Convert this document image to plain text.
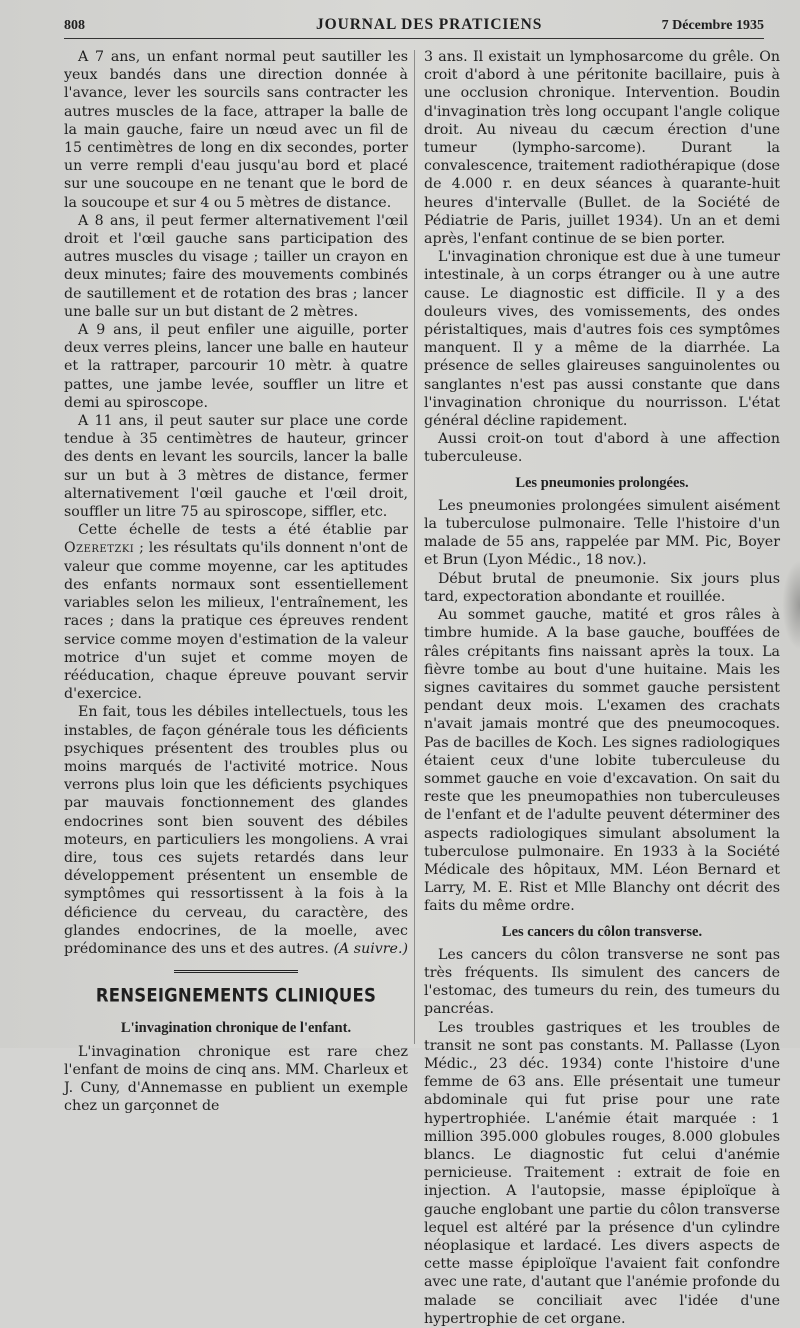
808	JOURNAL DES PRATICIENS	7 Décembre 1935

A 7 ans, un enfant normal peut sautiller les yeux bandés dans une direction donnée à l'avance, lever les sourcils sans contracter les autres muscles de la face, attraper la balle de la main gauche, faire un nœud avec un fil de 15 centimètres de long en dix secondes, porter un verre rempli d'eau jusqu'au bord et placé sur une soucoupe en ne tenant que le bord de la soucoupe et sur 4 ou 5 mètres de distance.

A 8 ans, il peut fermer alternativement l'œil droit et l'œil gauche sans participation des autres muscles du visage ; tailler un crayon en deux minutes; faire des mouvements combinés de sautillement et de rotation des bras ; lancer une balle sur un but distant de 2 mètres.

A 9 ans, il peut enfiler une aiguille, porter deux verres pleins, lancer une balle en hauteur et la rattraper, parcourir 10 mètr. à quatre pattes, une jambe levée, souffler un litre et demi au spiroscope.

A 11 ans, il peut sauter sur place une corde tendue à 35 centimètres de hauteur, grincer des dents en levant les sourcils, lancer la balle sur un but à 3 mètres de distance, fermer alternativement l'œil gauche et l'œil droit, souffler un litre 75 au spiroscope, siffler, etc.

Cette échelle de tests a été établie par Ozeretzki ; les résultats qu'ils donnent n'ont de valeur que comme moyenne, car les aptitudes des enfants normaux sont essentiellement variables selon les milieux, l'entraînement, les races ; dans la pratique ces épreuves rendent service comme moyen d'estimation de la valeur motrice d'un sujet et comme moyen de rééducation, chaque épreuve pouvant servir d'exercice.

En fait, tous les débiles intellectuels, tous les instables, de façon générale tous les déficients psychiques présentent des troubles plus ou moins marqués de l'activité motrice. Nous verrons plus loin que les déficients psychiques par mauvais fonctionnement des glandes endocrines sont bien souvent des débiles moteurs, en particuliers les mongoliens. A vrai dire, tous ces sujets retardés dans leur développement présentent un ensemble de symptômes qui ressortissent à la fois à la déficience du cerveau, du caractère, des glandes endocrines, de la moelle, avec prédominance des uns et des autres. (A suivre.)

RENSEIGNEMENTS CLINIQUES
L'invagination chronique de l'enfant.

L'invagination chronique est rare chez l'enfant de moins de cinq ans. MM. Charleux et J. Cuny, d'Annemasse en publient un exemple chez un garçonnet de

3 ans. Il existait un lymphosarcome du grêle. On croit d'abord à une péritonite bacillaire, puis à une occlusion chronique. Intervention. Boudin d'invagination très long occupant l'angle colique droit. Au niveau du cæcum érection d'une tumeur (lympho-sarcome). Durant la convalescence, traitement radiothérapique (dose de 4.000 r. en deux séances à quarante-huit heures d'intervalle (Bullet. de la Société de Pédiatrie de Paris, juillet 1934). Un an et demi après, l'enfant continue de se bien porter.

L'invagination chronique est due à une tumeur intestinale, à un corps étranger ou à une autre cause. Le diagnostic est difficile. Il y a des douleurs vives, des vomissements, des ondes péristaltiques, mais d'autres fois ces symptômes manquent. Il y a même de la diarrhée. La présence de selles glaireuses sanguinolentes ou sanglantes n'est pas aussi constante que dans l'invagination chronique du nourrisson. L'état général décline rapidement.

Aussi croit-on tout d'abord à une affection tuberculeuse.

Les pneumonies prolongées.

Les pneumonies prolongées simulent aisément la tuberculose pulmonaire. Telle l'histoire d'un malade de 55 ans, rappelée par MM. Pic, Boyer et Brun (Lyon Médic., 18 nov.).

Début brutal de pneumonie. Six jours plus tard, expectoration abondante et rouillée.

Au sommet gauche, matité et gros râles à timbre humide. A la base gauche, bouffées de râles crépitants fins naissant après la toux. La fièvre tombe au bout d'une huitaine. Mais les signes cavitaires du sommet gauche persistent pendant deux mois. L'examen des crachats n'avait jamais montré que des pneumocoques. Pas de bacilles de Koch. Les signes radiologiques étaient ceux d'une lobite tuberculeuse du sommet gauche en voie d'excavation. On sait du reste que les pneumopathies non tuberculeuses de l'enfant et de l'adulte peuvent déterminer des aspects radiologiques simulant absolument la tuberculose pulmonaire. En 1933 à la Société Médicale des hôpitaux, MM. Léon Bernard et Larry, M. E. Rist et Mlle Blanchy ont décrit des faits du même ordre.

Les cancers du côlon transverse.

Les cancers du côlon transverse ne sont pas très fréquents. Ils simulent des cancers de l'estomac, des tumeurs du rein, des tumeurs du pancréas.

Les troubles gastriques et les troubles de transit ne sont pas constants. M. Pallasse (Lyon Médic., 23 déc. 1934) conte l'histoire d'une femme de 63 ans. Elle présentait une tumeur abdominale qui fut prise pour une rate hypertrophiée. L'anémie était marquée : 1 million 395.000 globules rouges, 8.000 globules blancs. Le diagnostic fut celui d'anémie pernicieuse. Traitement : extrait de foie en injection. A l'autopsie, masse épiploïque à gauche englobant une partie du côlon transverse lequel est altéré par la présence d'un cylindre néoplasique et lardacé. Les divers aspects de cette masse épiploïque l'avaient fait confondre avec une rate, d'autant que l'anémie profonde du malade se conciliait avec l'idée d'une hypertrophie de cet organe.
